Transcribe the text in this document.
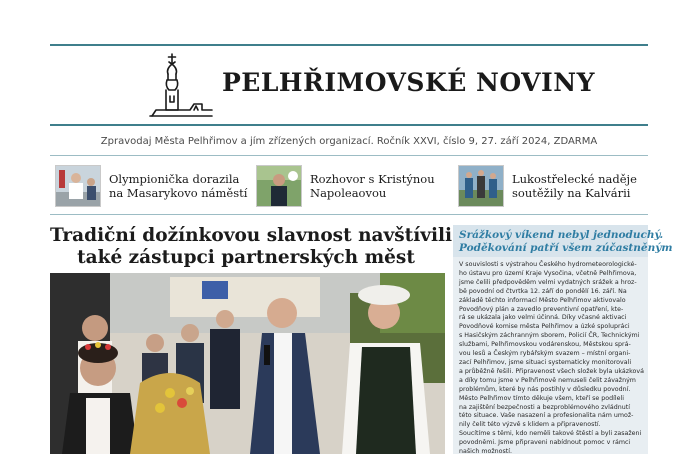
PELHŘIMOVSKÉ NOVINY
Zpravodaj Města Pelhřimov a jím zřízených organizací. Ročník XXVI, číslo 9, 27. září 2024, ZDARMA
Olympionička dorazila
na Masarykovo náměstí
Rozhovor s Kristýnou
Napoleaovou
Lukostřelecké naděje
soutěžily na Kalvárii
Tradiční dožínkovou slavnost navštívili
také zástupci partnerských měst
Srážkový víkend nebyl jednoduchý.
Poděkování patří všem zúčastněným
V souvislosti s výstrahou Českého hydrometeorologické-
ho ústavu pro území Kraje Vysočina, včetně Pelhřimova,
jsme čelili předpověděm velmi vydatných srážek a hroz-
bě povodní od čtvrtka 12. září do pondělí 16. září. Na
základě těchto informací Město Pelhřimov aktivovalo
Povodňový plán a zavedlo preventivní opatření, kte-
rá se ukázala jako velmi účinná. Díky včasné aktivaci
Povodňové komise města Pelhřimov a úzké spolupráci
s Hasičským záchranným sborem, Policií ČR, Technickými
službami, Pelhřimovskou vodárenskou, Městskou sprá-
vou lesů a Českým rybářským svazem – místní organi-
zací Pelhřimov, jsme situaci systematicky monitorovali
a průběžně řešili. Připravenost všech složek byla ukázková
a díky tomu jsme v Pelhřimově nemuseli čelit závažným
problémům, které by nás postihly v důsledku povodní.
Město Pelhřimov tímto děkuje všem, kteří se podíleli
na zajištění bezpečnosti a bezproblémového zvládnutí
této situace. Vaše nasazení a profesionalita nám umož-
nily čelit této výzvě s klidem a připraveností.
Soucítíme s těmi, kdo neměli takové štěstí a byli zasaženi
povodněmi. Jsme připraveni nabídnout pomoc v rámci
našich možností.
